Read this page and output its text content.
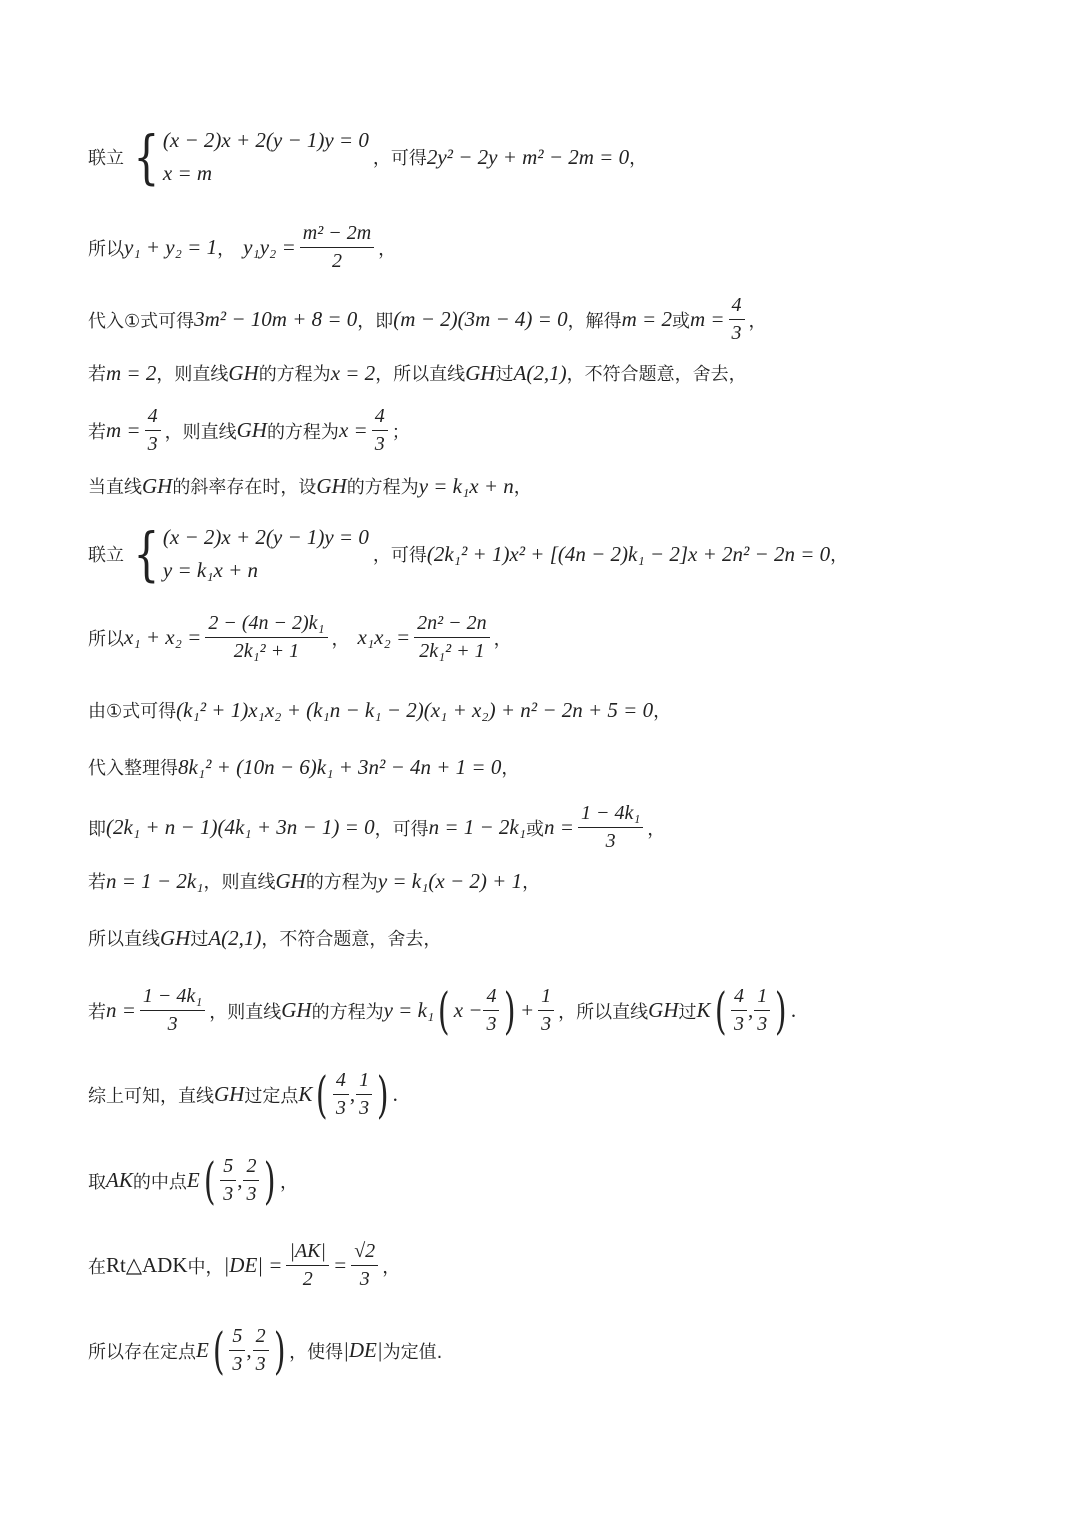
联立 { (x − 2)x + 2(y − 1)y = 0
x = m
，可得 2y² − 2y + m² − 2m = 0 ，
所以 y₁ + y₂ = 1 ， $y_1y_2 = \frac{\text{m² − 2m}}{2}$ ，
代入①式可得 3m² − 10m + 8 = 0 ，即 (m − 2)(3m − 4) = 0 ，解得 m = 2 或 $m = \frac{4}{3}$ ，
若 m = 2 ，则直线 GH 的方程为 x = 2 ，所以直线 GH 过 A(2,1) ，不符合题意，舍去，
若 $m = \frac{4}{3}$ ，则直线 GH 的方程为 $x = \frac{4}{3}$ ；
当直线 GH 的斜率存在时，设 GH 的方程为 y = k₁x + n ，
联立 { (x − 2)x + 2(y − 1)y = 0
y = k₁x + n
，可得 (2k₁² + 1)x² + [(4n − 2)k₁ − 2]x + 2n² − 2n = 0 ，
所以 $x_1 + x_2 = \frac{\text{2 − (4n − 2)k₁}}{\text{2k₁² + 1}}$ ， $x_1x_2 = \frac{\text{2n² − 2n}}{\text{2k₁² + 1}}$ ，
由①式可得 (k₁² + 1)x₁x₂ + (k₁n − k₁ − 2)(x₁ + x₂) + n² − 2n + 5 = 0 ，
代入整理得 8k₁² + (10n − 6)k₁ + 3n² − 4n + 1 = 0 ，
即 (2k₁ + n − 1)(4k₁ + 3n − 1) = 0 ，可得 n = 1 − 2k₁ 或 $n = \frac{\text{1 − 4k₁}}{3}$ ，
若 n = 1 − 2k₁ ，则直线 GH 的方程为 y = k₁(x − 2) + 1 ，
所以直线 GH 过 A(2,1) ，不符合题意，舍去，
若 $n = \frac{\text{1 − 4k₁}}{3}$ ，则直线 GH 的方程为 y = k₁ ( $x - \frac{4}{3}$ ) + $\frac{1}{3}$ ，所以直线 GH 过 K ( $\frac{4}{3}$ , $\frac{1}{3}$ ) .
综上可知，直线 GH 过定点 K ( $\frac{4}{3}$ , $\frac{1}{3}$ ) .
取 AK 的中点 E ( $\frac{5}{3}$ , $\frac{2}{3}$ ) ，
在 Rt△ADK 中， $|DE| = \frac{|AK|}{2} = \frac{√2}{3}$ ，
所以存在定点 E ( $\frac{5}{3}$ , $\frac{2}{3}$ ) ，使得 |DE| 为定值.
